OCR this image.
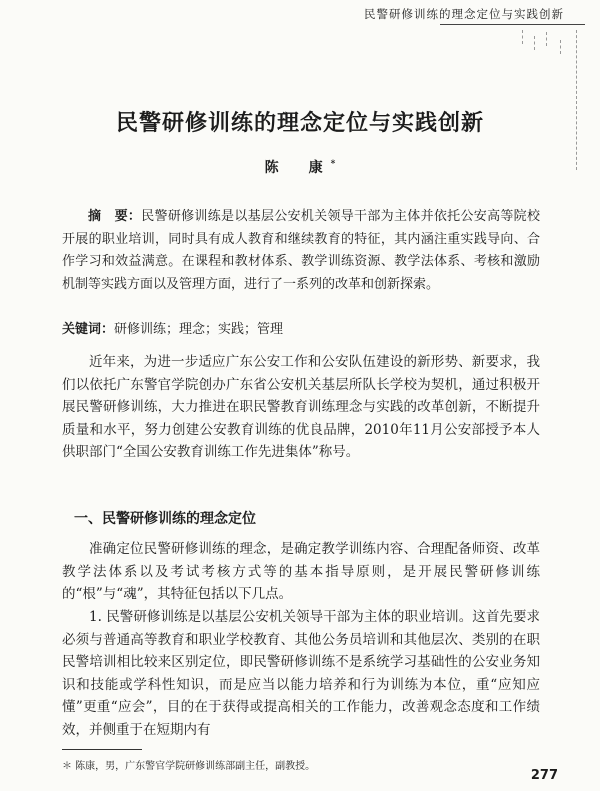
民警研修训练的理念定位与实践创新
民警研修训练的理念定位与实践创新
陈　康*
摘　要：民警研修训练是以基层公安机关领导干部为主体并依托公安高等院校开展的职业培训，同时具有成人教育和继续教育的特征，其内涵注重实践导向、合作学习和效益满意。在课程和教材体系、教学训练资源、教学法体系、考核和激励机制等实践方面以及管理方面，进行了一系列的改革和创新探索。
关键词：研修训练；理念；实践；管理

近年来，为进一步适应广东公安工作和公安队伍建设的新形势、新要求，我们以依托广东警官学院创办广东省公安机关基层所队长学校为契机，通过积极开展民警研修训练，大力推进在职民警教育训练理念与实践的改革创新，不断提升质量和水平，努力创建公安教育训练的优良品牌，2010年11月公安部授予本人供职部门“全国公安教育训练工作先进集体”称号。

一、民警研修训练的理念定位

准确定位民警研修训练的理念，是确定教学训练内容、合理配备师资、改革教学法体系以及考试考核方式等的基本指导原则，是开展民警研修训练的“根”与“魂”，其特征包括以下几点。

1. 民警研修训练是以基层公安机关领导干部为主体的职业培训。这首先要求必须与普通高等教育和职业学校教育、其他公务员培训和其他层次、类别的在职民警培训相比较来区别定位，即民警研修训练不是系统学习基础性的公安业务知识和技能或学科性知识，而是应当以能力培养和行为训练为本位，重“应知应懂”更重“应会”，目的在于获得或提高相关的工作能力，改善观念态度和工作绩效，并侧重于在短期内有

＊ 陈康，男，广东警官学院研修训练部副主任，副教授。
277
